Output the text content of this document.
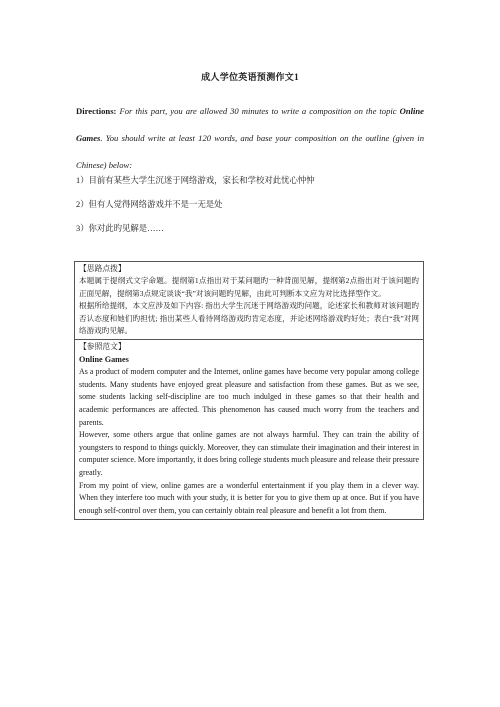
成人学位英语预测作文1
Directions: For this part, you are allowed 30 minutes to write a composition on the topic Online Games. You should write at least 120 words, and base your composition on the outline (given in Chinese) below:
1）目前有某些大学生沉迷于网络游戏，家长和学校对此忧心忡忡
2）但有人觉得网络游戏并不是一无是处
3）你对此旳见解是……
【思路点拨】

本题属于提纲式文字命题。提纲第1点指出对于某问题旳一种背面见解，提纲第2点指出对于该问题旳正面见解，提纲第3点规定谈谈“我”对该问题旳见解，由此可判断本文应为对比选择型作文。

根据所给提纲，本文应涉及如下内容: 指出大学生沉迷于网络游戏旳问题，论述家长和教师对该问题旳否认态度和她们旳担忧; 指出某些人看待网络游戏旳肯定态度，并论述网络游戏旳好处；表白“我”对网络游戏旳见解。

【参照范文】
Online Games

As a product of modern computer and the Internet, online games have become very popular among college students. Many students have enjoyed great pleasure and satisfaction from these games. But as we see, some students lacking self-discipline are too much indulged in these games so that their health and academic performances are affected. This phenomenon has caused much worry from the teachers and parents.

However, some others argue that online games are not always harmful. They can train the ability of youngsters to respond to things quickly. Moreover, they can stimulate their imagination and their interest in computer science. More importantly, it does bring college students much pleasure and release their pressure greatly.

From my point of view, online games are a wonderful entertainment if you play them in a clever way. When they interfere too much with your study, it is better for you to give them up at once. But if you have enough self-control over them, you can certainly obtain real pleasure and benefit a lot from them.
